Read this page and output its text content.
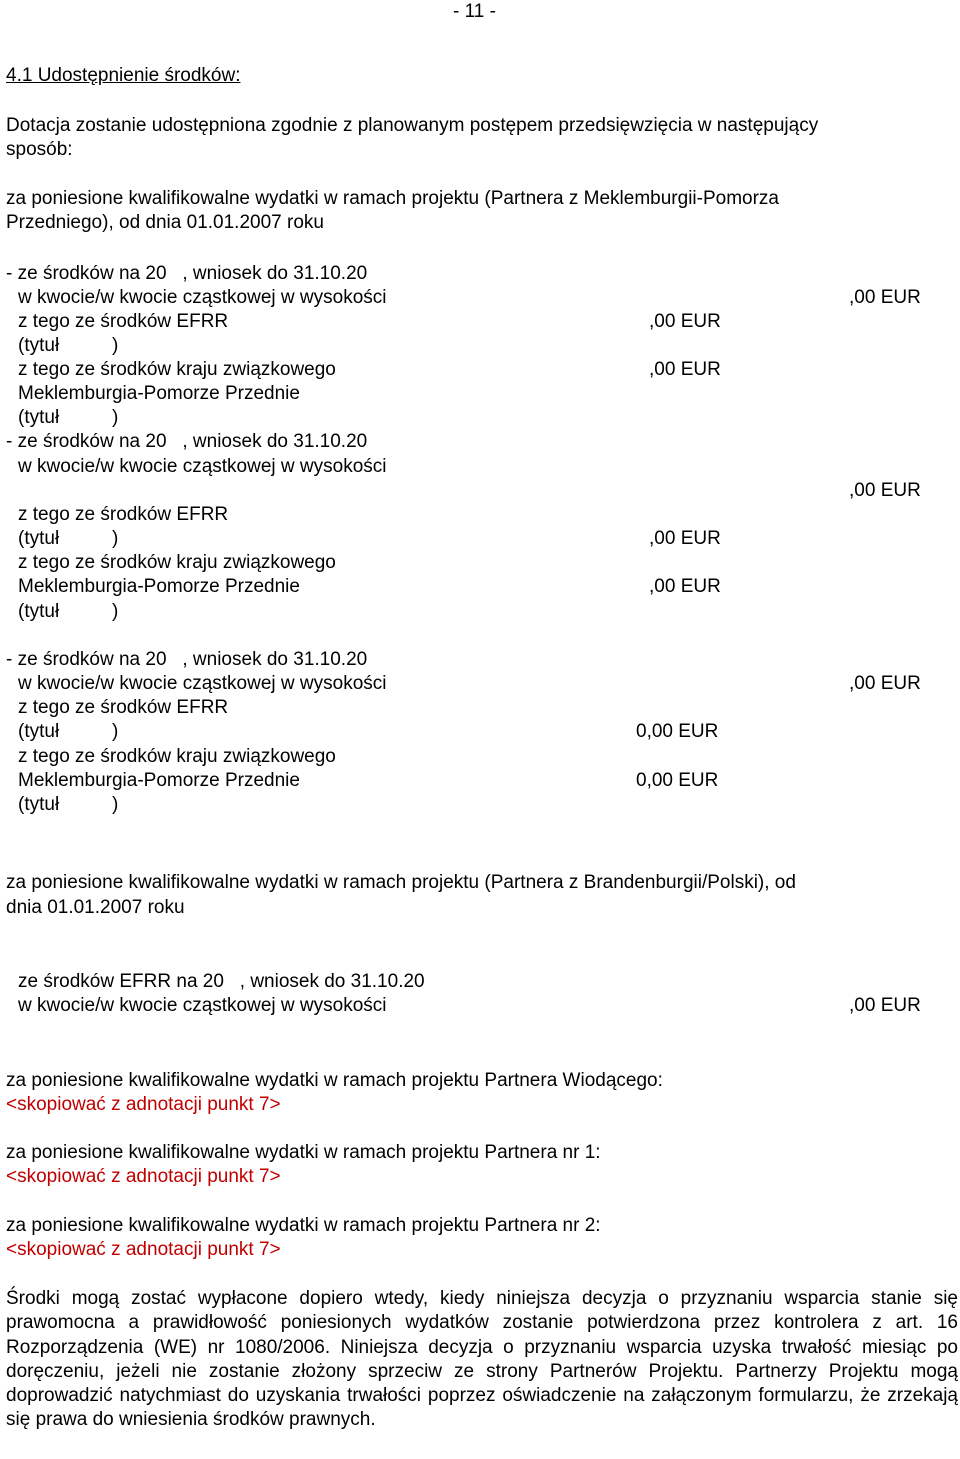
- 11 -
4.1 Udostępnienie środków:
Dotacja zostanie udostępniona zgodnie z planowanym postępem przedsięwzięcia w następujący
sposób:
za poniesione kwalifikowalne wydatki w ramach projektu (Partnera z Meklemburgii-Pomorza
Przedniego), od dnia 01.01.2007 roku
- ze środków na 20   , wniosek do 31.10.20
w kwocie/w kwocie cząstkowej w wysokości	,00 EUR
z tego ze środków EFRR	,00 EUR
(tytuł          )
z tego ze środków kraju związkowego	,00 EUR
Meklemburgia-Pomorze Przednie
(tytuł          )
- ze środków na 20   , wniosek do 31.10.20
w kwocie/w kwocie cząstkowej w wysokości
,00 EUR
z tego ze środków EFRR
(tytuł          )	,00 EUR
z tego ze środków kraju związkowego
Meklemburgia-Pomorze Przednie	,00 EUR
(tytuł          )
- ze środków na 20   , wniosek do 31.10.20
w kwocie/w kwocie cząstkowej w wysokości	,00 EUR
z tego ze środków EFRR
(tytuł          )	0,00 EUR
z tego ze środków kraju związkowego
Meklemburgia-Pomorze Przednie	0,00 EUR
(tytuł          )
za poniesione kwalifikowalne wydatki w ramach projektu (Partnera z Brandenburgii/Polski), od
dnia 01.01.2007 roku
ze środków EFRR na 20   , wniosek do 31.10.20
w kwocie/w kwocie cząstkowej w wysokości	,00 EUR
za poniesione kwalifikowalne wydatki w ramach projektu Partnera Wiodącego:
<skopiować z adnotacji punkt 7>
za poniesione kwalifikowalne wydatki w ramach projektu Partnera nr 1:
<skopiować z adnotacji punkt 7>
za poniesione kwalifikowalne wydatki w ramach projektu Partnera nr 2:
<skopiować z adnotacji punkt 7>
Środki mogą zostać wypłacone dopiero wtedy, kiedy niniejsza decyzja o przyznaniu wsparcia stanie się prawomocna a prawidłowość poniesionych wydatków zostanie potwierdzona przez kontrolera z art. 16 Rozporządzenia (WE) nr 1080/2006. Niniejsza decyzja o przyznaniu wsparcia uzyska trwałość miesiąc po doręczeniu, jeżeli nie zostanie złożony sprzeciw ze strony Partnerów Projektu. Partnerzy Projektu mogą doprowadzić natychmiast do uzyskania trwałości poprzez oświadczenie na załączonym formularzu, że zrzekają się prawa do wniesienia środków prawnych.
